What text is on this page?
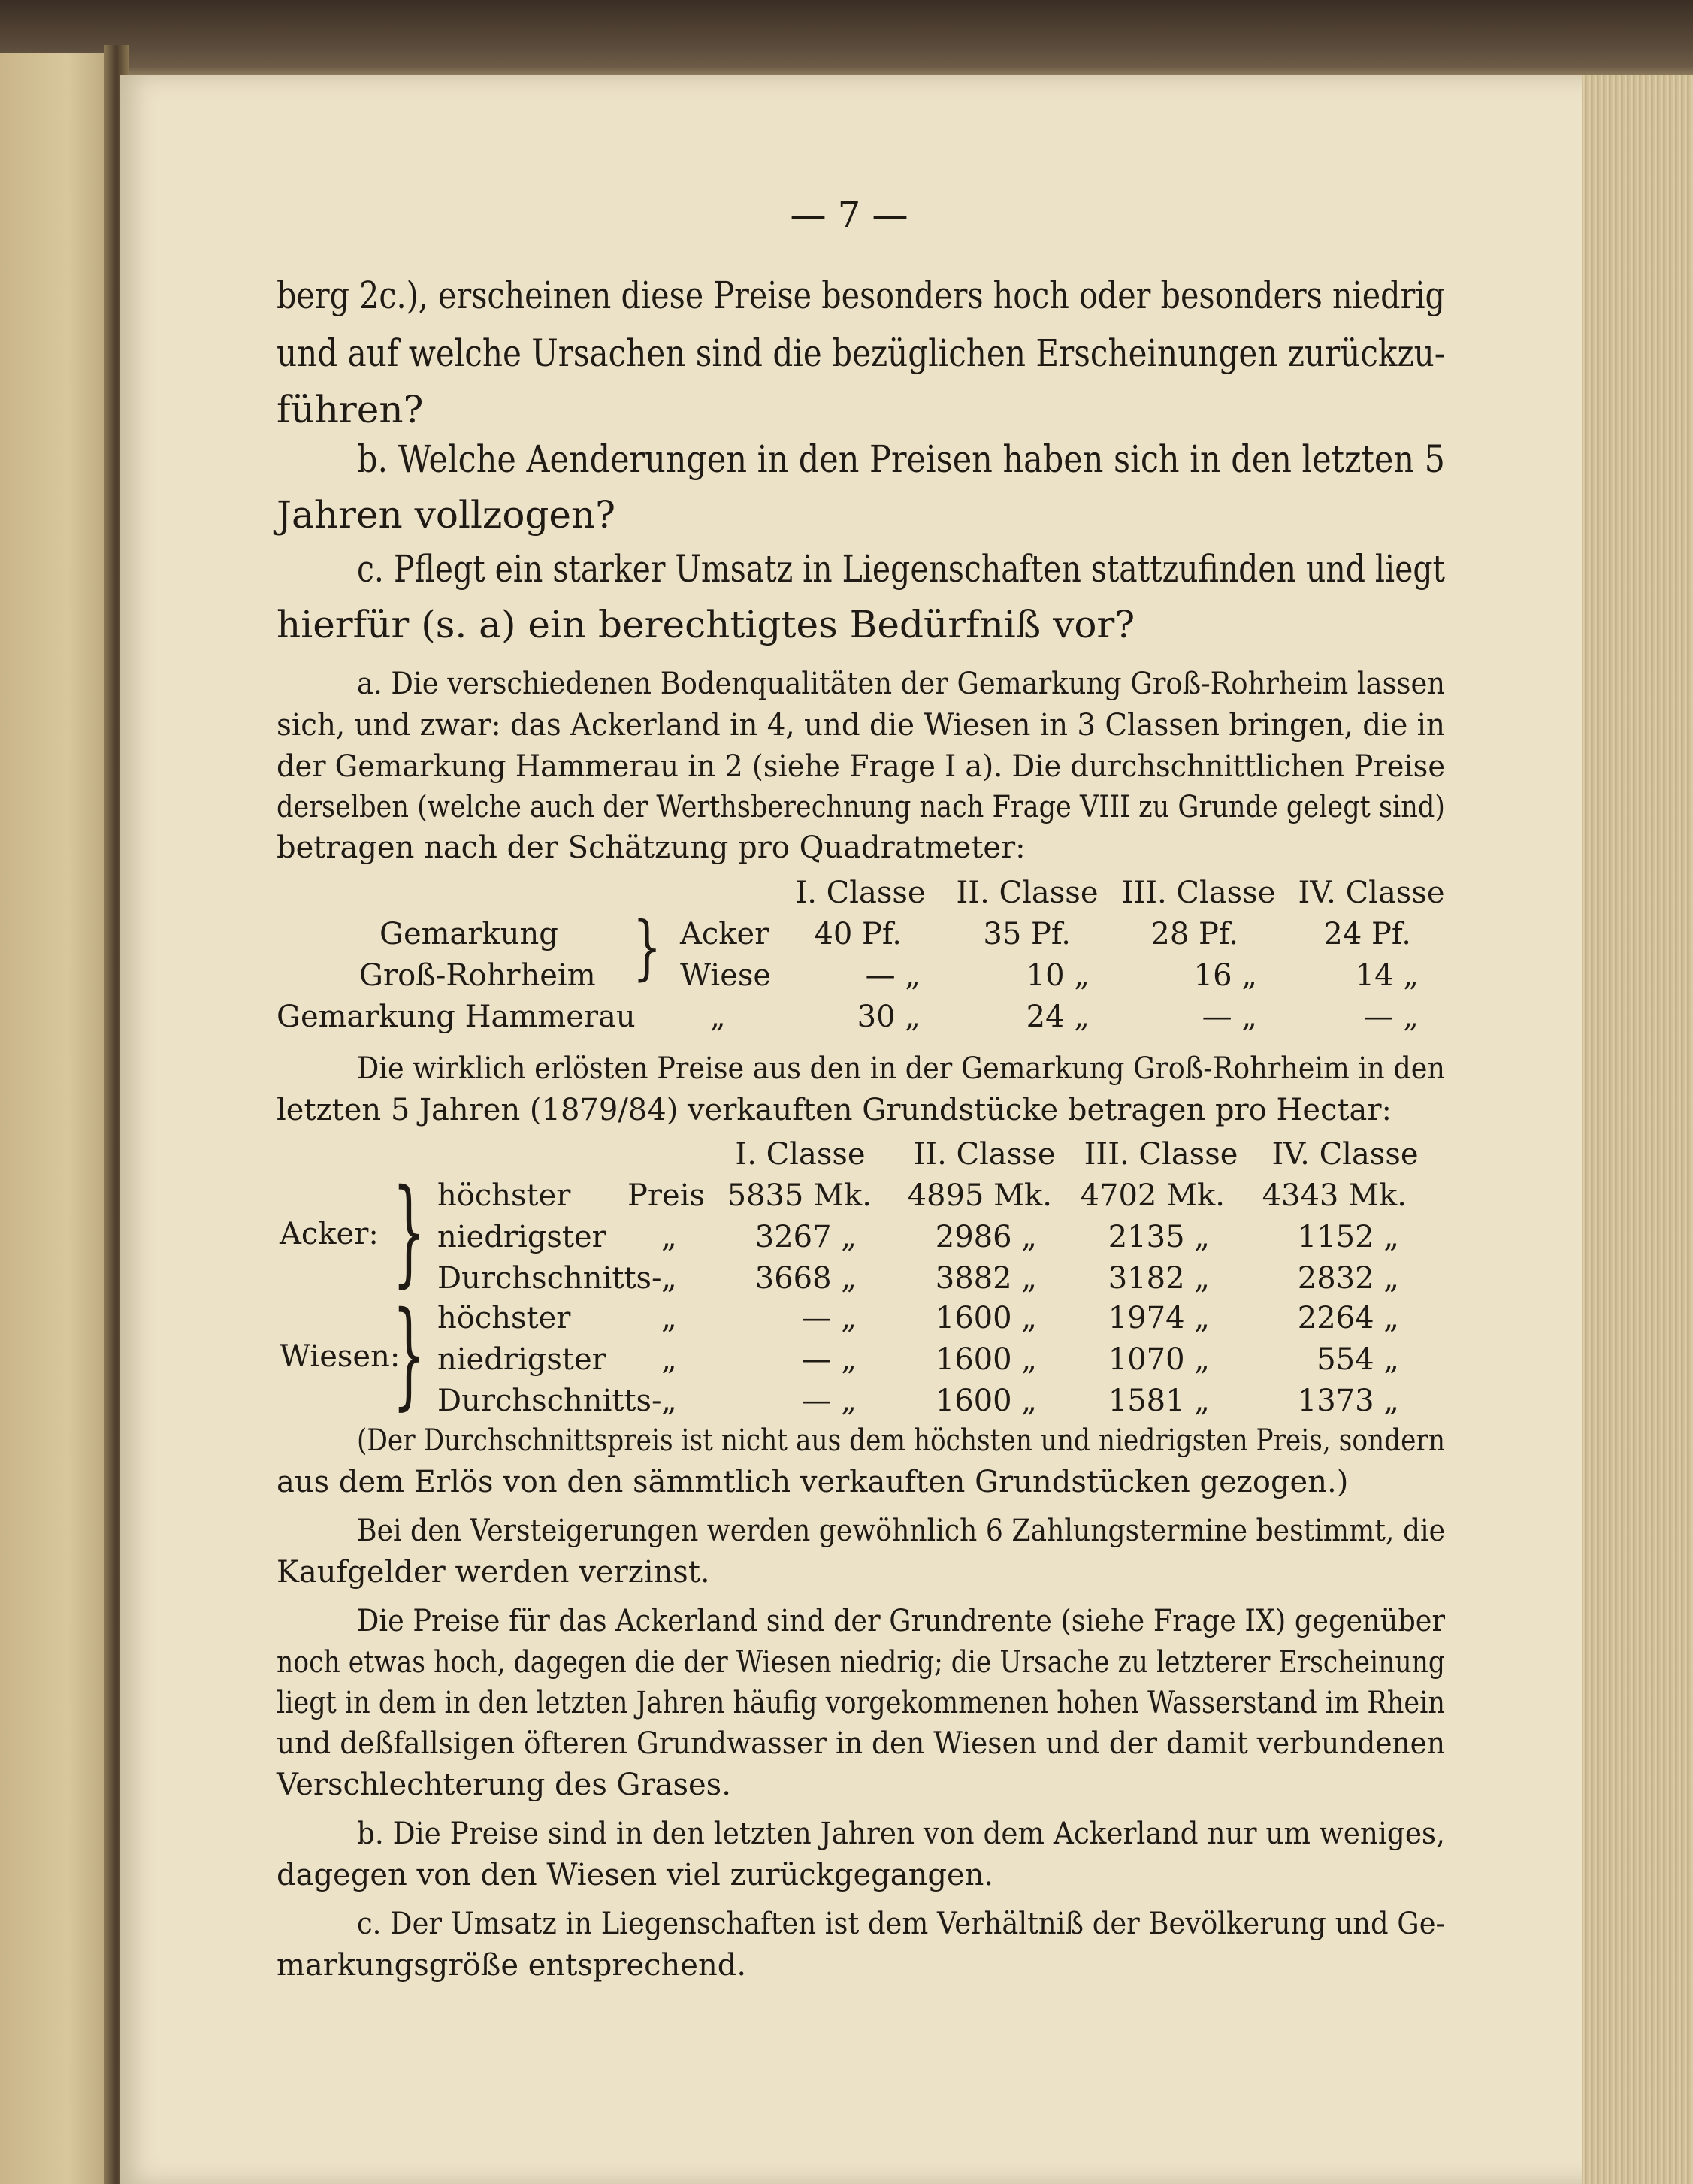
— 7 —
berg 2c.), erscheinen diese Preise besonders hoch oder besonders niedrig
und auf welche Ursachen sind die bezüglichen Erscheinungen zurückzu-
führen?
b. Welche Aenderungen in den Preisen haben sich in den letzten 5
Jahren vollzogen?
c. Pflegt ein starker Umsatz in Liegenschaften stattzufinden und liegt
hierfür (s. a) ein berechtigtes Bedürfniß vor?
a. Die verschiedenen Bodenqualitäten der Gemarkung Groß-Rohrheim lassen
sich, und zwar: das Ackerland in 4, und die Wiesen in 3 Classen bringen, die in
der Gemarkung Hammerau in 2 (siehe Frage I a). Die durchschnittlichen Preise
derselben (welche auch der Werthsberechnung nach Frage VIII zu Grunde gelegt sind)
betragen nach der Schätzung pro Quadratmeter:
I. Classe	II. Classe III. Classe IV. Classe
Gemarkung
Groß-Rohrheim } Acker	40 Pf.	35 Pf.	28 Pf.	24 Pf.
Wiese	— „	10 „	16 „	14 „
Gemarkung Hammerau „	30 „	24 „	— „	— „
Die wirklich erlösten Preise aus den in der Gemarkung Groß-Rohrheim in den
letzten 5 Jahren (1879/84) verkauften Grundstücke betragen pro Hectar:
I. Classe	II. Classe III. Classe	IV. Classe
Acker: } höchster Preis 5835 Mk. 4895 Mk. 4702 Mk. 4343 Mk.
niedrigster „	3267 „	2986 „	2135 „	1152 „
Durchschnitts- „	3668 „	3882 „	3182 „	2832 „
Wiesen:
} höchster	„	— „	1600 „	1974 „	2264 „
niedrigster „	— „	1600 „	1070 „	554 „
Durchschnitts- „	— „	1600 „	1581 „	1373 „
(Der Durchschnittspreis ist nicht aus dem höchsten und niedrigsten Preis, sondern
aus dem Erlös von den sämmtlich verkauften Grundstücken gezogen.)
Bei den Versteigerungen werden gewöhnlich 6 Zahlungstermine bestimmt, die
Kaufgelder werden verzinst.
Die Preise für das Ackerland sind der Grundrente (siehe Frage IX) gegenüber
noch etwas hoch, dagegen die der Wiesen niedrig; die Ursache zu letzterer Erscheinung
liegt in dem in den letzten Jahren häufig vorgekommenen hohen Wasserstand im Rhein
und deßfallsigen öfteren Grundwasser in den Wiesen und der damit verbundenen
Verschlechterung des Grases.
b. Die Preise sind in den letzten Jahren von dem Ackerland nur um weniges,
dagegen von den Wiesen viel zurückgegangen.
c. Der Umsatz in Liegenschaften ist dem Verhältniß der Bevölkerung und Ge-
markungsgröße entsprechend.
